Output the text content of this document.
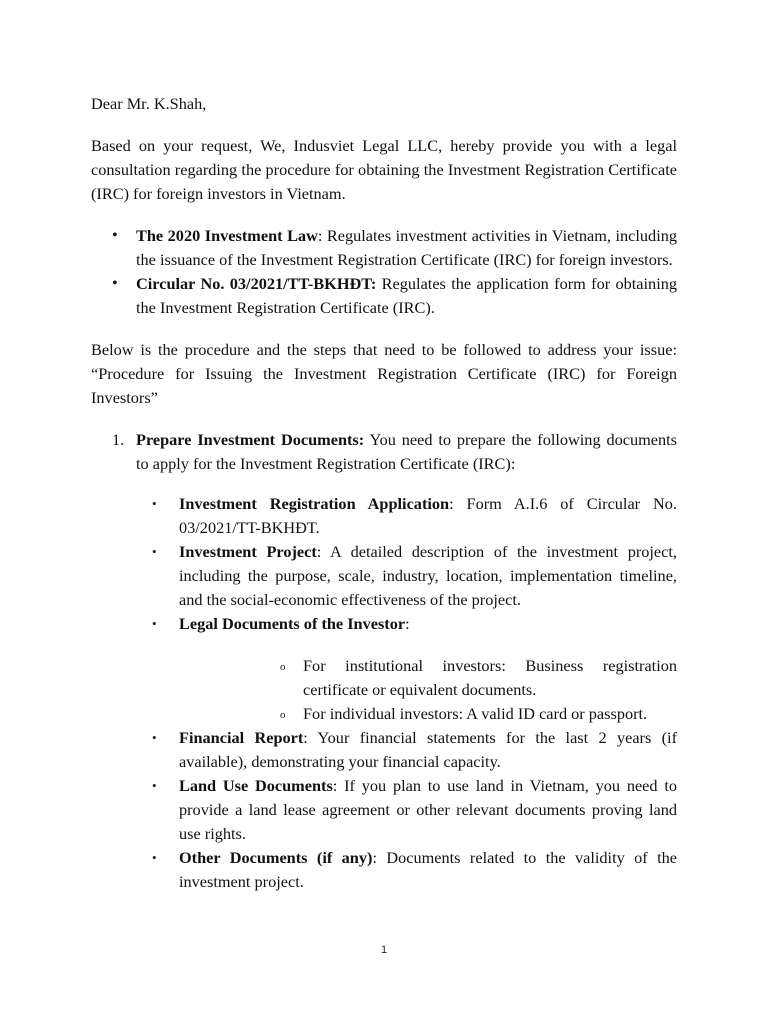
Dear Mr. K.Shah,

Based on your request, We, Indusviet Legal LLC, hereby provide you with a legal consultation regarding the procedure for obtaining the Investment Registration Certificate (IRC) for foreign investors in Vietnam.

• The 2020 Investment Law: Regulates investment activities in Vietnam, including the issuance of the Investment Registration Certificate (IRC) for foreign investors.
• Circular No. 03/2021/TT-BKHĐT: Regulates the application form for obtaining the Investment Registration Certificate (IRC).

Below is the procedure and the steps that need to be followed to address your issue: “Procedure for Issuing the Investment Registration Certificate (IRC) for Foreign Investors”

1. Prepare Investment Documents: You need to prepare the following documents to apply for the Investment Registration Certificate (IRC):
• Investment Registration Application: Form A.I.6 of Circular No. 03/2021/TT-BKHĐT.
• Investment Project: A detailed description of the investment project, including the purpose, scale, industry, location, implementation timeline, and the social-economic effectiveness of the project.
• Legal Documents of the Investor:
o For institutional investors: Business registration certificate or equivalent documents.
o For individual investors: A valid ID card or passport.
• Financial Report: Your financial statements for the last 2 years (if available), demonstrating your financial capacity.
• Land Use Documents: If you plan to use land in Vietnam, you need to provide a land lease agreement or other relevant documents proving land use rights.
• Other Documents (if any): Documents related to the validity of the investment project.
1
